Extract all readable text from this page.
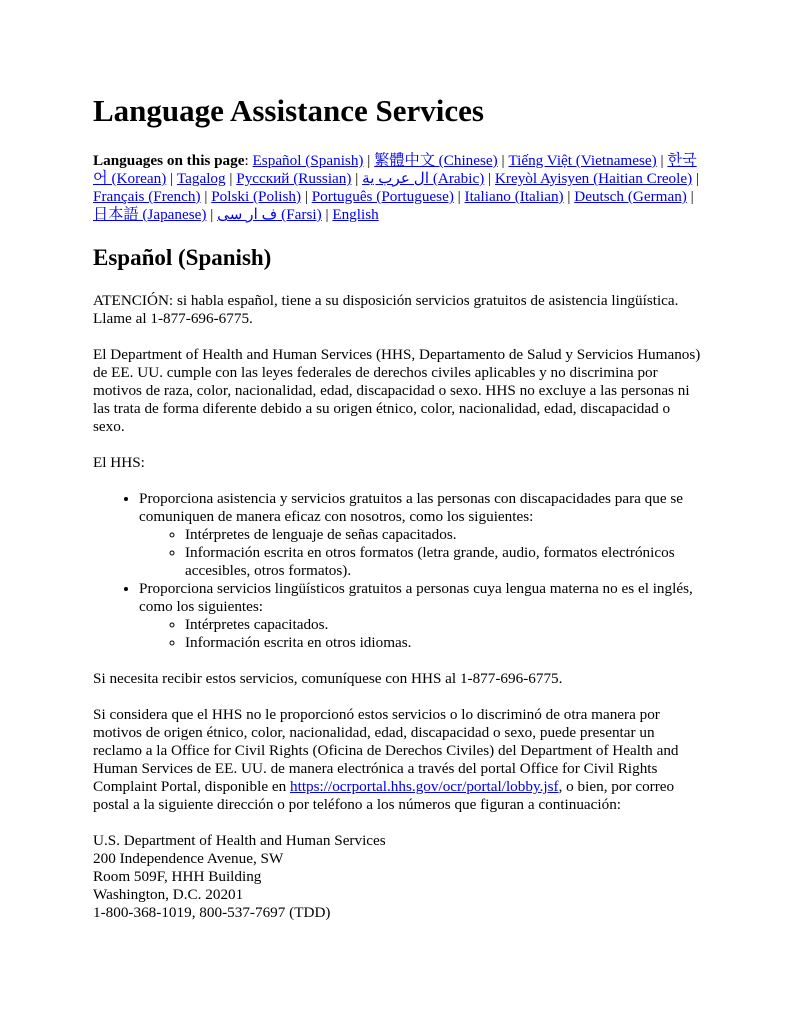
Language Assistance Services

Languages on this page: Español (Spanish) | 繁體中文 (Chinese) | Tiếng Việt (Vietnamese) | 한국어 (Korean) | Tagalog | Русский (Russian) | ال عرب ية (Arabic) | Kreyòl Ayisyen (Haitian Creole) | Français (French) | Polski (Polish) | Português (Portuguese) | Italiano (Italian) | Deutsch (German) | 日本語 (Japanese) | ف ار سی (Farsi) | English

Español (Spanish)

ATENCIÓN: si habla español, tiene a su disposición servicios gratuitos de asistencia lingüística. Llame al 1-877-696-6775.

El Department of Health and Human Services (HHS, Departamento de Salud y Servicios Humanos) de EE. UU. cumple con las leyes federales de derechos civiles aplicables y no discrimina por motivos de raza, color, nacionalidad, edad, discapacidad o sexo. HHS no excluye a las personas ni las trata de forma diferente debido a su origen étnico, color, nacionalidad, edad, discapacidad o sexo.

El HHS:

• Proporciona asistencia y servicios gratuitos a las personas con discapacidades para que se comuniquen de manera eficaz con nosotros, como los siguientes:
◦ Intérpretes de lenguaje de señas capacitados.
◦ Información escrita en otros formatos (letra grande, audio, formatos electrónicos accesibles, otros formatos).
• Proporciona servicios lingüísticos gratuitos a personas cuya lengua materna no es el inglés, como los siguientes:
◦ Intérpretes capacitados.
◦ Información escrita en otros idiomas.

Si necesita recibir estos servicios, comuníquese con HHS al 1-877-696-6775.

Si considera que el HHS no le proporcionó estos servicios o lo discriminó de otra manera por motivos de origen étnico, color, nacionalidad, edad, discapacidad o sexo, puede presentar un reclamo a la Office for Civil Rights (Oficina de Derechos Civiles) del Department of Health and Human Services de EE. UU. de manera electrónica a través del portal Office for Civil Rights Complaint Portal, disponible en https://ocrportal.hhs.gov/ocr/portal/lobby.jsf, o bien, por correo postal a la siguiente dirección o por teléfono a los números que figuran a continuación:

U.S. Department of Health and Human Services
200 Independence Avenue, SW
Room 509F, HHH Building
Washington, D.C. 20201
1-800-368-1019, 800-537-7697 (TDD)
